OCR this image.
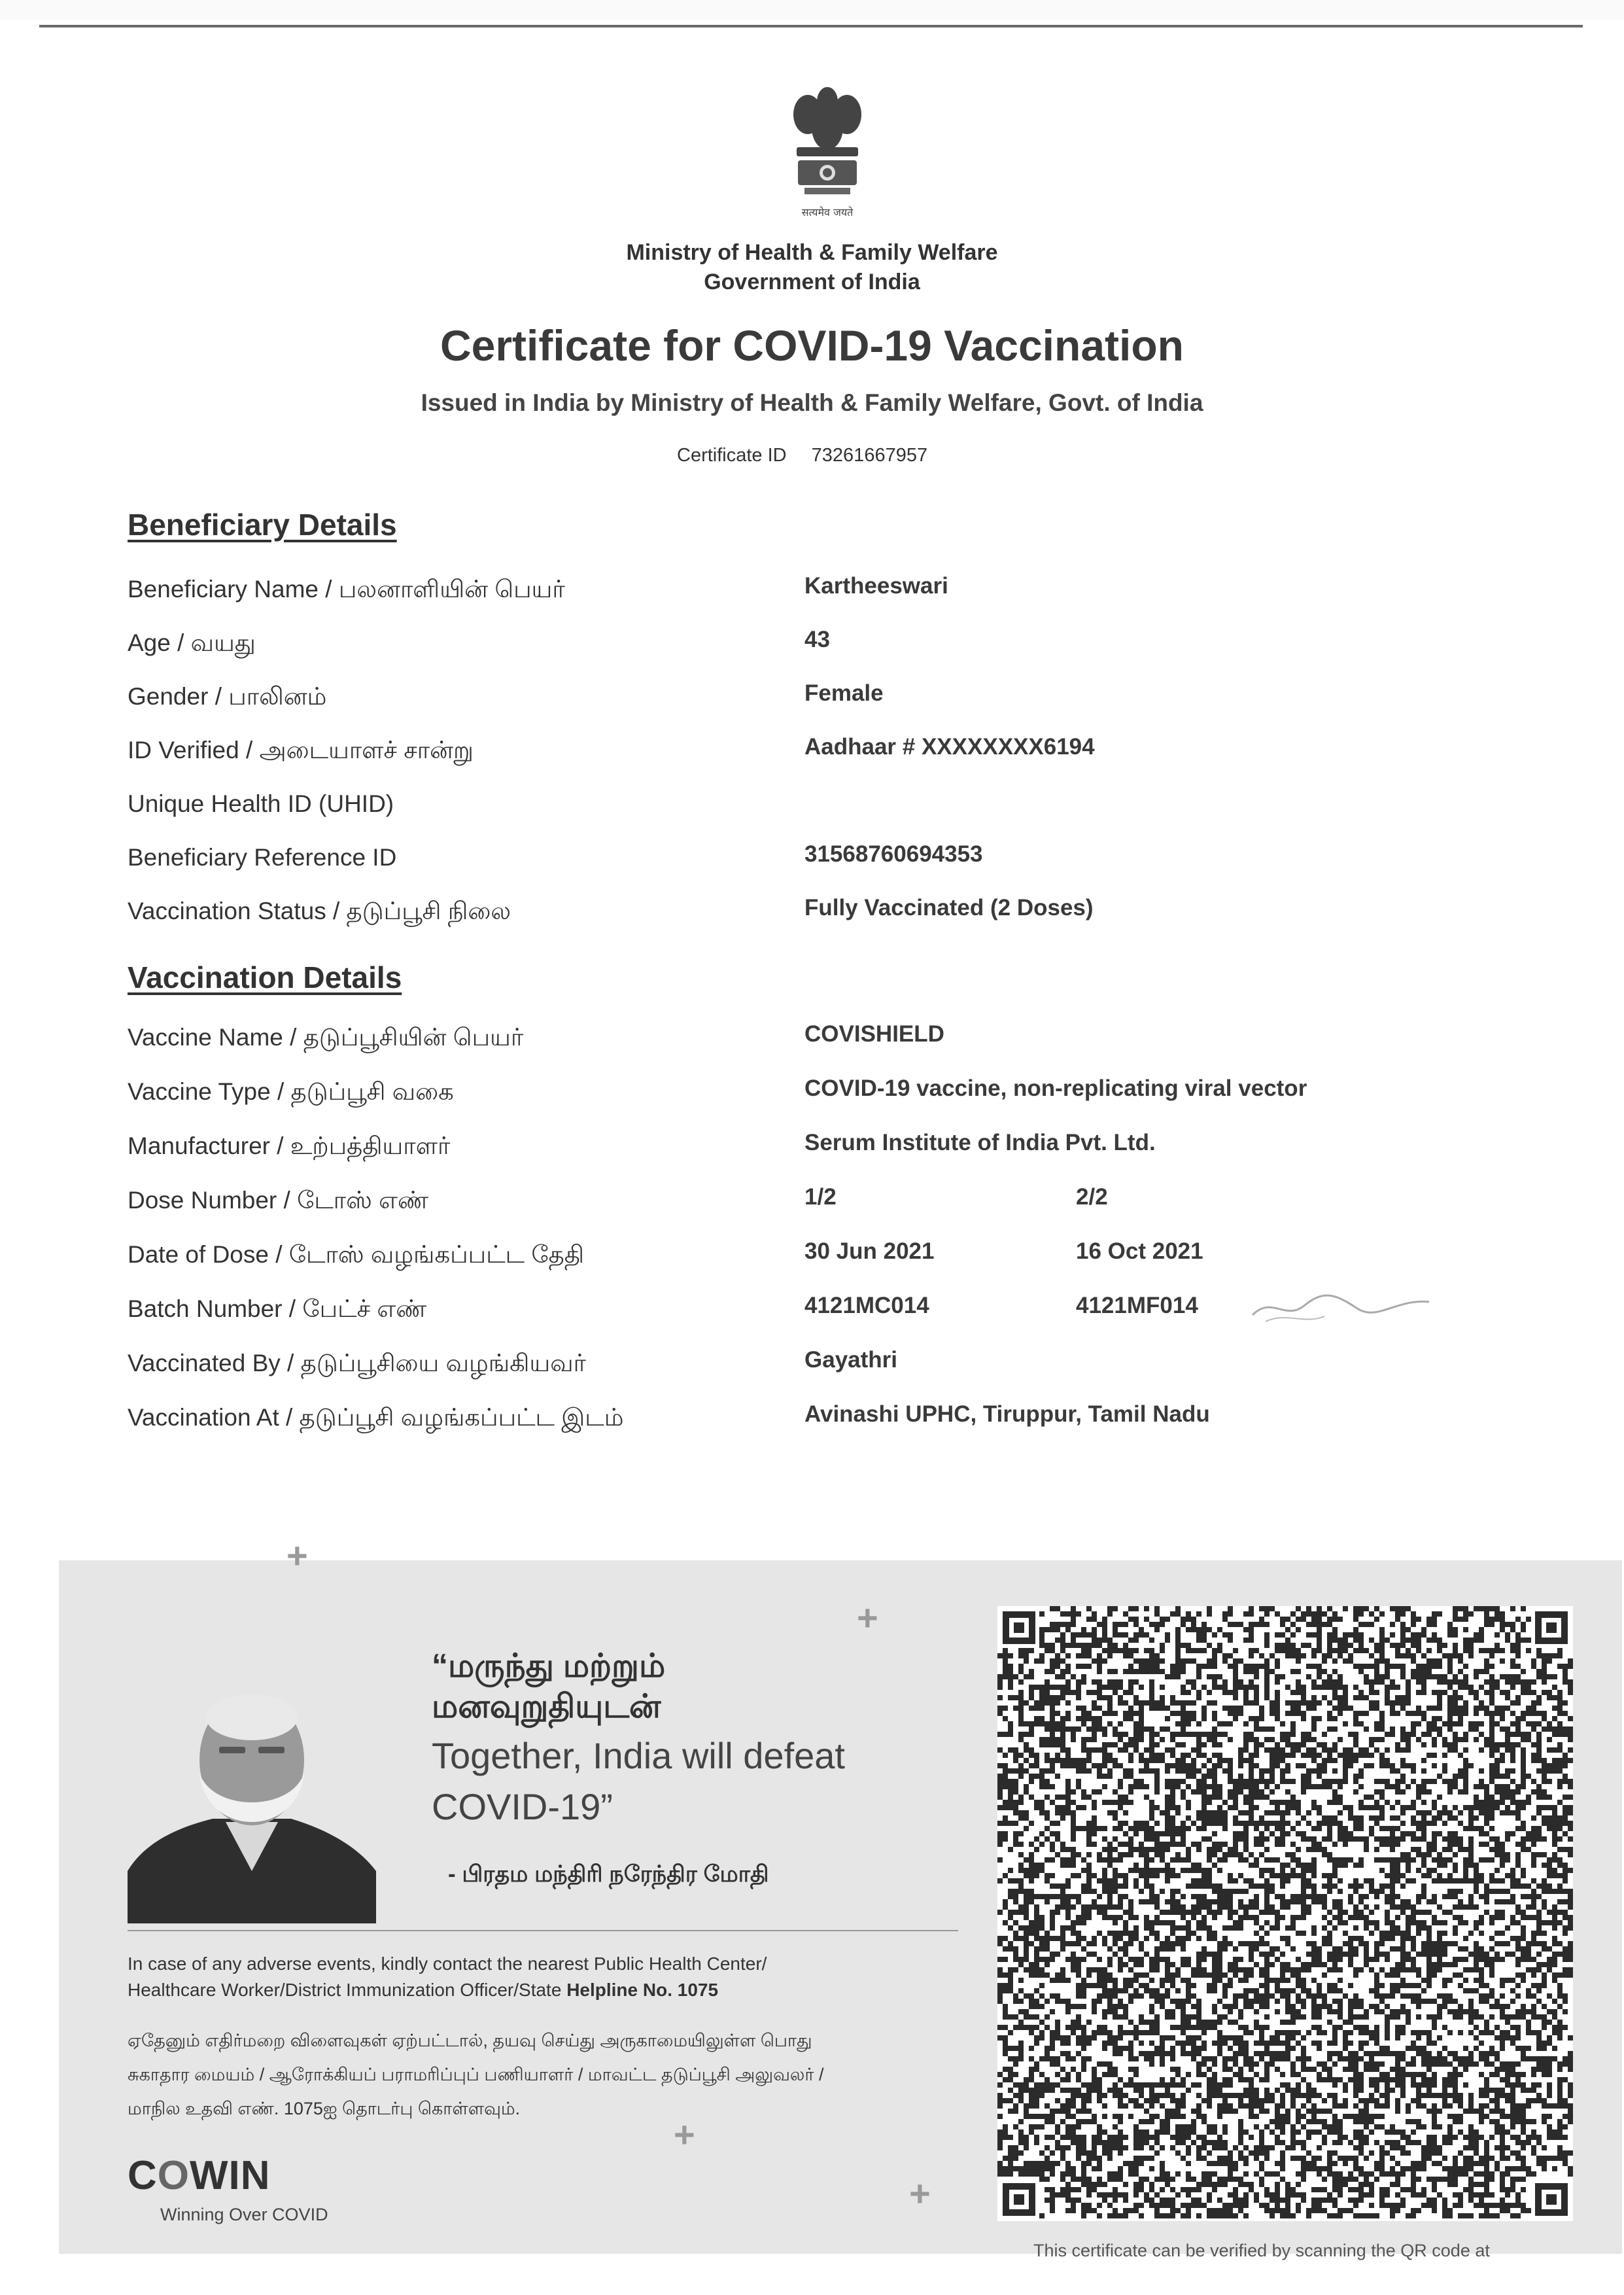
सत्यमेव जयते
Ministry of Health & Family Welfare
Government of India
Certificate for COVID-19 Vaccination
Issued in India by Ministry of Health & Family Welfare, Govt. of India
Certificate ID 73261667957
Beneficiary Details
Beneficiary Name / பலனாளியின் பெயர்	Kartheeswari
Age / வயது	43
Gender / பாலினம்	Female
ID Verified / அடையாளச் சான்று	Aadhaar # XXXXXXXX6194
Unique Health ID (UHID)
Beneficiary Reference ID	31568760694353
Vaccination Status / தடுப்பூசி நிலை	Fully Vaccinated (2 Doses)
Vaccination Details
Vaccine Name / தடுப்பூசியின் பெயர்	COVISHIELD
Vaccine Type / தடுப்பூசி வகை	COVID-19 vaccine, non-replicating viral vector
Manufacturer / உற்பத்தியாளர்	Serum Institute of India Pvt. Ltd.
Dose Number / டோஸ் எண்	1/2	2/2
Date of Dose / டோஸ் வழங்கப்பட்ட தேதி	30 Jun 2021	16 Oct 2021
Batch Number / பேட்ச் எண்	4121MC014	4121MF014
Vaccinated By / தடுப்பூசியை வழங்கியவர்	Gayathri
Vaccination At / தடுப்பூசி வழங்கப்பட்ட இடம்	Avinashi UPHC, Tiruppur, Tamil Nadu
+
+
+
+
“மருந்து மற்றும்
மனவுறுதியுடன்
Together, India will defeat
COVID-19”
- பிரதம மந்திரி நரேந்திர மோதி
In case of any adverse events, kindly contact the nearest Public Health Center/
Healthcare Worker/District Immunization Officer/State Helpline No. 1075
ஏதேனும் எதிர்மறை விளைவுகள் ஏற்பட்டால், தயவு செய்து அருகாமையிலுள்ள பொது
சுகாதார மையம் / ஆரோக்கியப் பராமரிப்புப் பணியாளர் / மாவட்ட தடுப்பூசி அலுவலர் /
மாநில உதவி எண். 1075ஐ தொடர்பு கொள்ளவும்.
COWIN
Winning Over COVID
This certificate can be verified by scanning the QR code at
